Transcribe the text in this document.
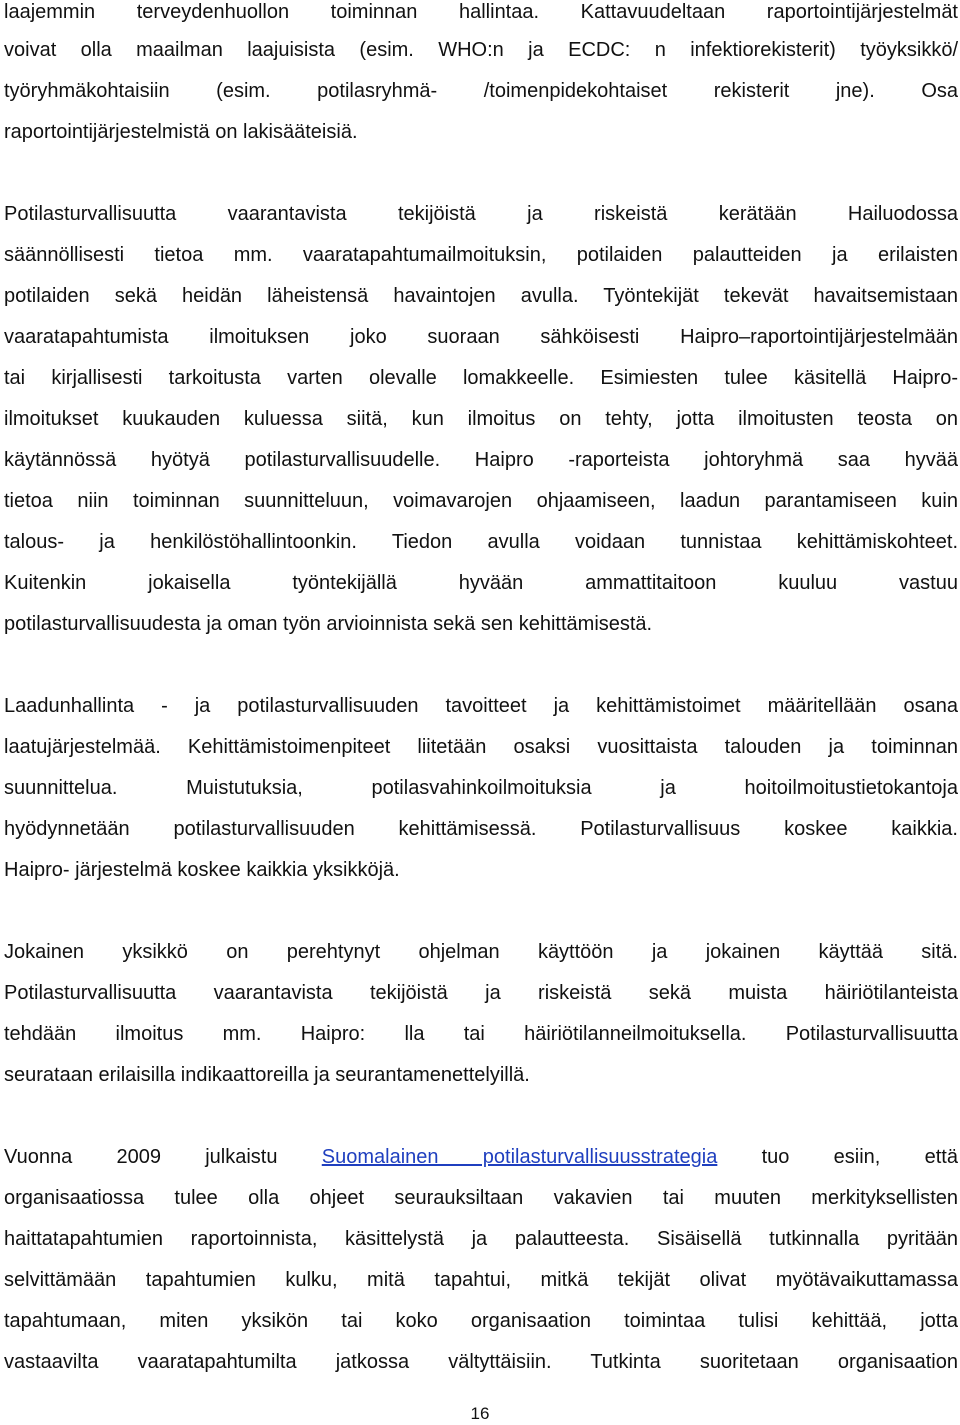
laajemmin terveydenhuollon toiminnan hallintaa. Kattavuudeltaan raportointijärjestelmät
voivat olla maailman laajuisista (esim. WHO:n ja ECDC: n infektiorekisterit) työyksikkö/
työryhmäkohtaisiin (esim. potilasryhmä- /toimenpidekohtaiset rekisterit jne). Osa
raportointijärjestelmistä on lakisääteisiä.
Potilasturvallisuutta vaarantavista tekijöistä ja riskeistä kerätään Hailuodossa
säännöllisesti tietoa mm. vaaratapahtumailmoituksin, potilaiden palautteiden ja erilaisten
potilaiden sekä heidän läheistensä havaintojen avulla. Työntekijät tekevät havaitsemistaan
vaaratapahtumista ilmoituksen joko suoraan sähköisesti Haipro–raportointijärjestelmään
tai kirjallisesti tarkoitusta varten olevalle lomakkeelle. Esimiesten tulee käsitellä Haipro-
ilmoitukset kuukauden kuluessa siitä, kun ilmoitus on tehty, jotta ilmoitusten teosta on
käytännössä hyötyä potilasturvallisuudelle. Haipro -raporteista johtoryhmä saa hyvää
tietoa niin toiminnan suunnitteluun, voimavarojen ohjaamiseen, laadun parantamiseen kuin
talous- ja henkilöstöhallintoonkin. Tiedon avulla voidaan tunnistaa kehittämiskohteet.
Kuitenkin jokaisella työntekijällä hyvään ammattitaitoon kuuluu vastuu
potilasturvallisuudesta ja oman työn arvioinnista sekä sen kehittämisestä.
Laadunhallinta - ja potilasturvallisuuden tavoitteet ja kehittämistoimet määritellään osana
laatujärjestelmää. Kehittämistoimenpiteet liitetään osaksi vuosittaista talouden ja toiminnan
suunnittelua. Muistutuksia, potilasvahinkoilmoituksia ja hoitoilmoitustietokantoja
hyödynnetään potilasturvallisuuden kehittämisessä. Potilasturvallisuus koskee kaikkia.
Haipro- järjestelmä koskee kaikkia yksikköjä.
Jokainen yksikkö on perehtynyt ohjelman käyttöön ja jokainen käyttää sitä.
Potilasturvallisuutta vaarantavista tekijöistä ja riskeistä sekä muista häiriötilanteista
tehdään ilmoitus mm. Haipro: lla tai häiriötilanneilmoituksella. Potilasturvallisuutta
seurataan erilaisilla indikaattoreilla ja seurantamenettelyillä.
Vuonna 2009 julkaistu Suomalainen potilasturvallisuusstrategia tuo esiin, että
organisaatiossa tulee olla ohjeet seurauksiltaan vakavien tai muuten merkityksellisten
haittatapahtumien raportoinnista, käsittelystä ja palautteesta. Sisäisellä tutkinnalla pyritään
selvittämään tapahtumien kulku, mitä tapahtui, mitkä tekijät olivat myötävaikuttamassa
tapahtumaan, miten yksikön tai koko organisaation toimintaa tulisi kehittää, jotta
vastaavilta vaaratapahtumilta jatkossa vältyttäisiin. Tutkinta suoritetaan organisaation
16
